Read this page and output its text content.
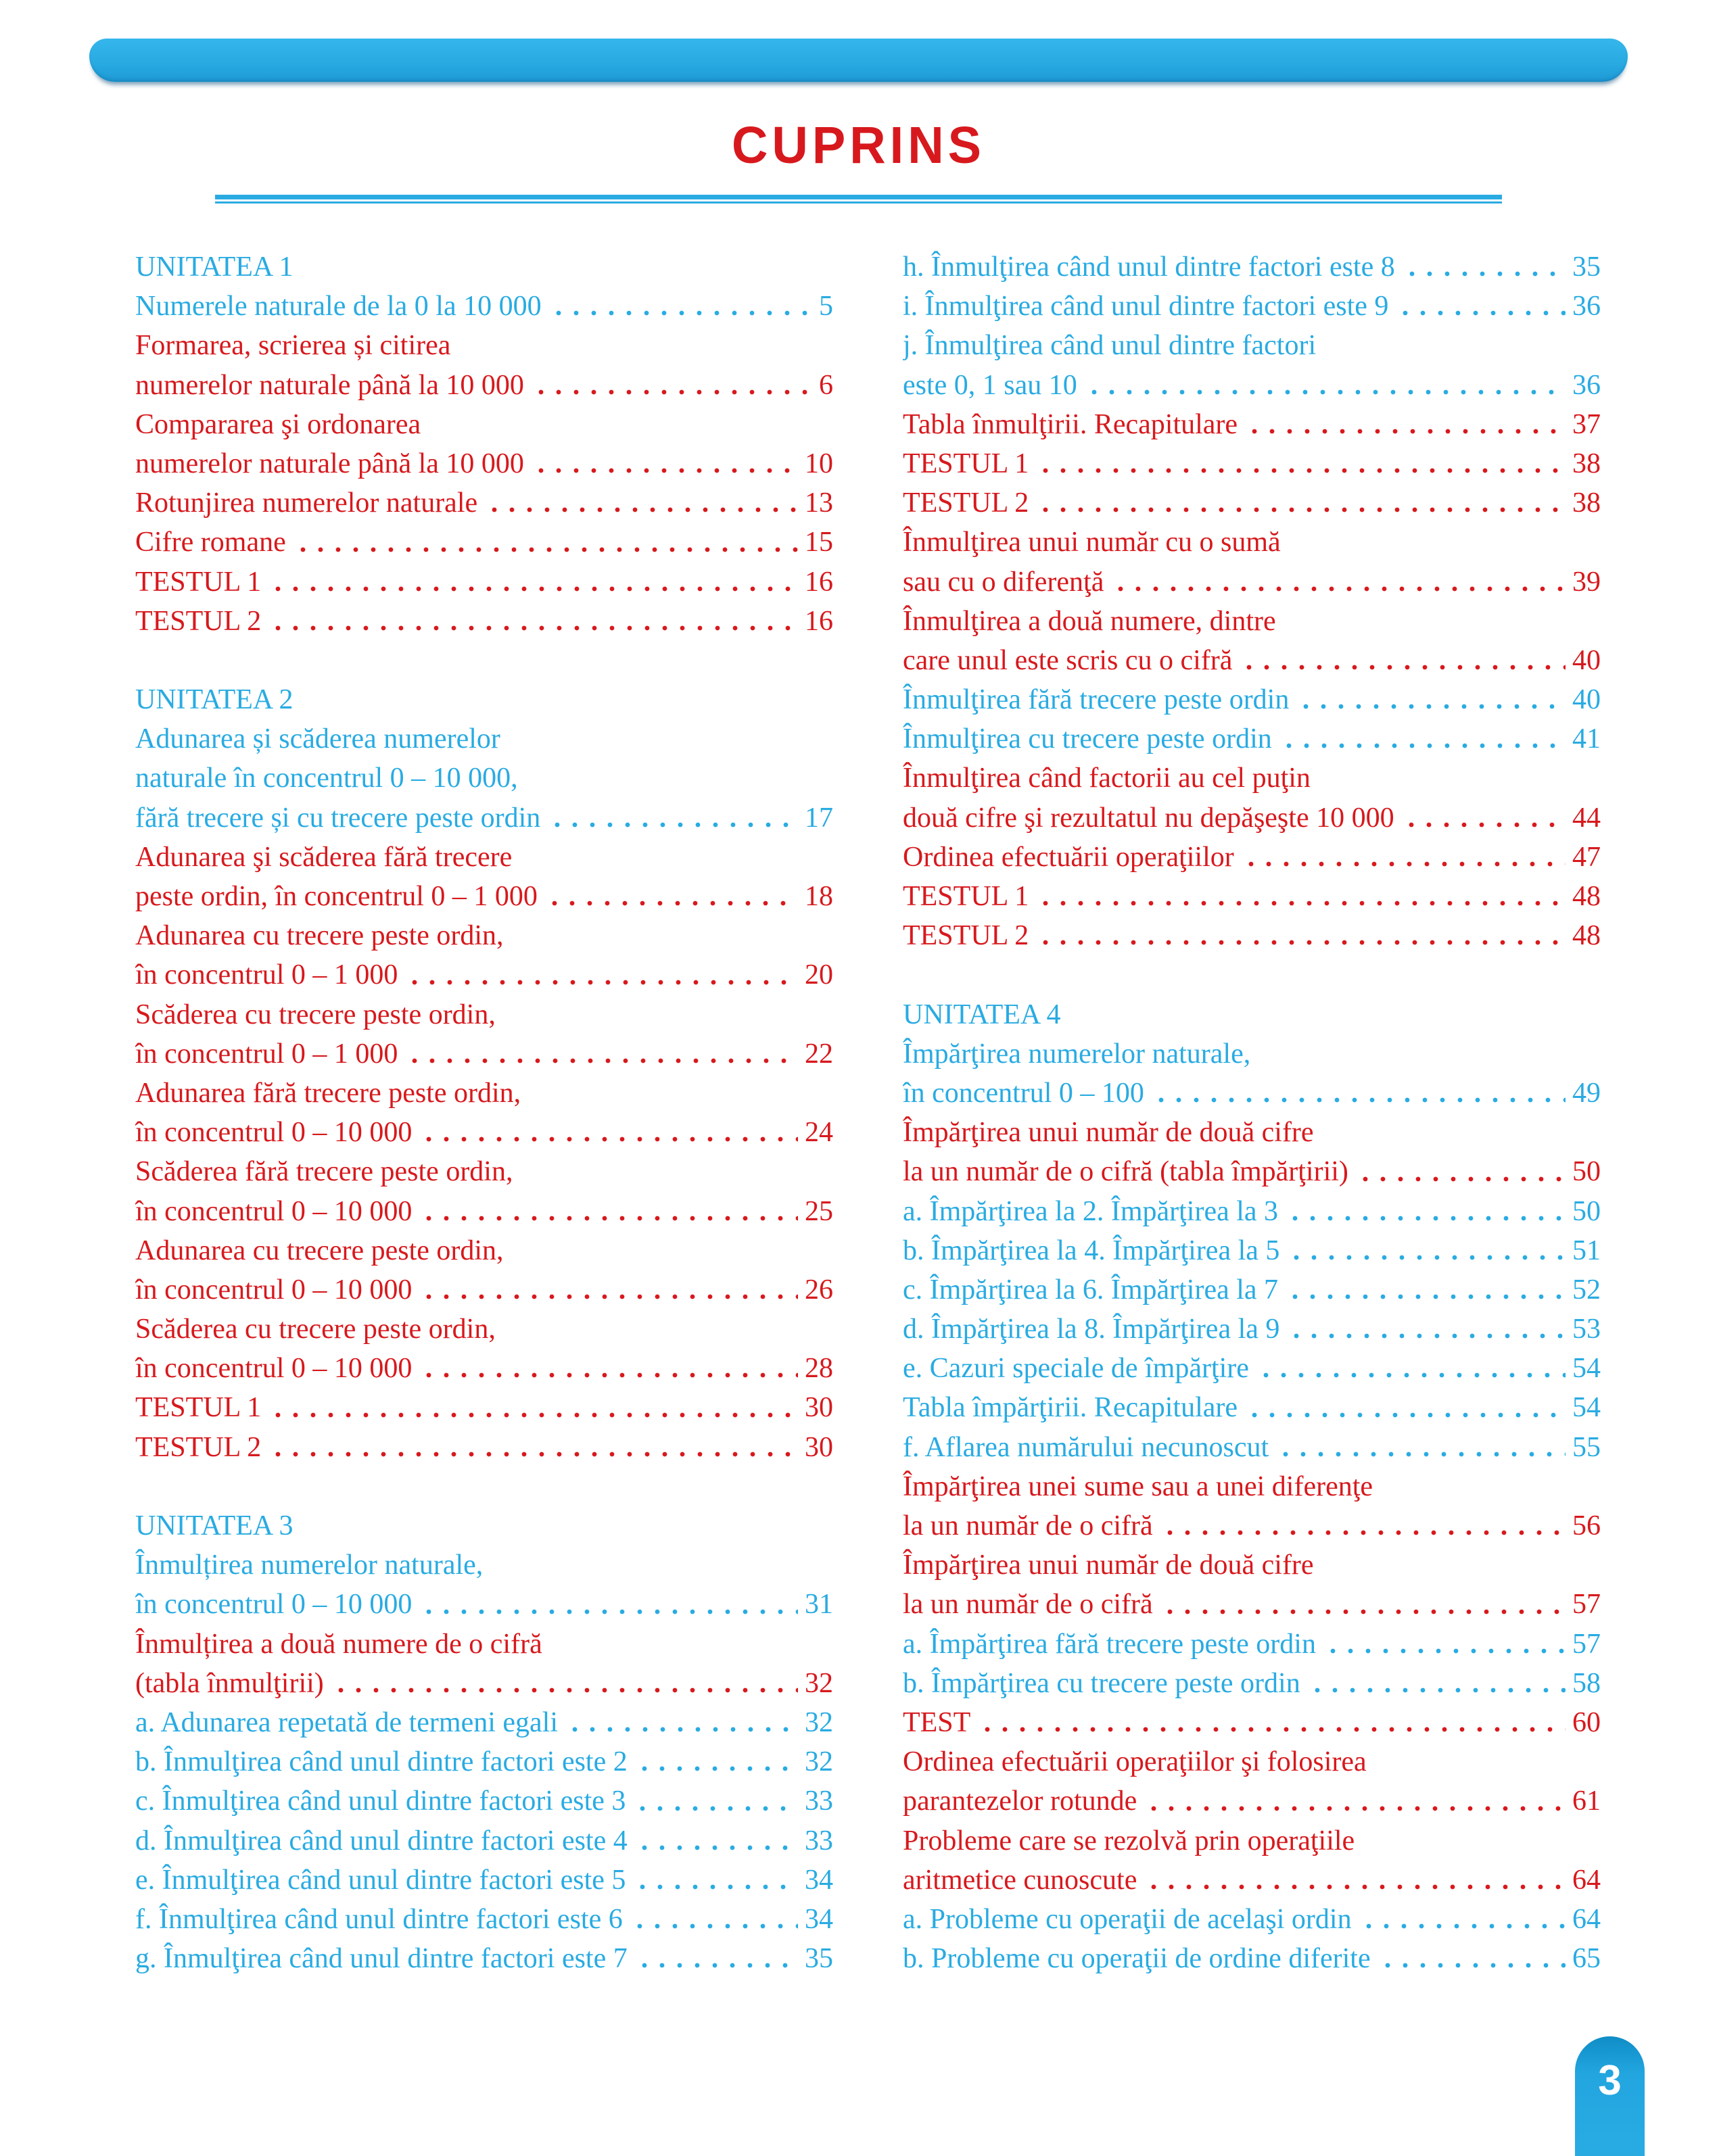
CUPRINS
UNITATEA 1
Numerele naturale de la 0 la 10 000	5
Formarea, scrierea și citirea
numerelor naturale până la 10 000	6
Compararea şi ordonarea
numerelor naturale până la 10 000	10
Rotunjirea numerelor naturale	13
Cifre romane	15
TESTUL 1	16
TESTUL 2	16
UNITATEA 2
Adunarea și scăderea numerelor
naturale în concentrul 0 – 10 000,
fără trecere și cu trecere peste ordin	17
Adunarea şi scăderea fără trecere
peste ordin, în concentrul 0 – 1 000	18
Adunarea cu trecere peste ordin,
în concentrul 0 – 1 000	20
Scăderea cu trecere peste ordin,
în concentrul 0 – 1 000	22
Adunarea fără trecere peste ordin,
în concentrul 0 – 10 000	24
Scăderea fără trecere peste ordin,
în concentrul 0 – 10 000	25
Adunarea cu trecere peste ordin,
în concentrul 0 – 10 000	26
Scăderea cu trecere peste ordin,
în concentrul 0 – 10 000	28
TESTUL 1	30
TESTUL 2	30
UNITATEA 3
Înmulțirea numerelor naturale,
în concentrul 0 – 10 000	31
Înmulțirea a două numere de o cifră
(tabla înmulţirii)	32
a. Adunarea repetată de termeni egali	32
b. Înmulţirea când unul dintre factori este 2	32
c. Înmulţirea când unul dintre factori este 3	33
d. Înmulţirea când unul dintre factori este 4	33
e. Înmulţirea când unul dintre factori este 5	34
f. Înmulţirea când unul dintre factori este 6	34
g. Înmulţirea când unul dintre factori este 7	35
h. Înmulţirea când unul dintre factori este 8	35
i. Înmulţirea când unul dintre factori este 9	36
j. Înmulţirea când unul dintre factori
este 0, 1 sau 10	36
Tabla înmulţirii. Recapitulare	37
TESTUL 1	38
TESTUL 2	38
Înmulţirea unui număr cu o sumă
sau cu o diferenţă	39
Înmulţirea a două numere, dintre
care unul este scris cu o cifră	40
Înmulţirea fără trecere peste ordin	40
Înmulţirea cu trecere peste ordin	41
Înmulţirea când factorii au cel puţin
două cifre şi rezultatul nu depăşeşte 10 000	44
Ordinea efectuării operaţiilor	47
TESTUL 1	48
TESTUL 2	48
UNITATEA 4
Împărţirea numerelor naturale,
în concentrul 0 – 100	49
Împărţirea unui număr de două cifre
la un număr de o cifră (tabla împărţirii)	50
a. Împărţirea la 2. Împărţirea la 3	50
b. Împărţirea la 4. Împărţirea la 5	51
c. Împărţirea la 6. Împărţirea la 7	52
d. Împărţirea la 8. Împărţirea la 9	53
e. Cazuri speciale de împărţire	54
Tabla împărţirii. Recapitulare	54
f. Aflarea numărului necunoscut	55
Împărţirea unei sume sau a unei diferenţe
la un număr de o cifră	56
Împărţirea unui număr de două cifre
la un număr de o cifră	57
a. Împărţirea fără trecere peste ordin	57
b. Împărţirea cu trecere peste ordin	58
TEST	60
Ordinea efectuării operaţiilor şi folosirea
parantezelor rotunde	61
Probleme care se rezolvă prin operaţiile
aritmetice cunoscute	64
a. Probleme cu operaţii de acelaşi ordin	64
b. Probleme cu operaţii de ordine diferite	65
3
